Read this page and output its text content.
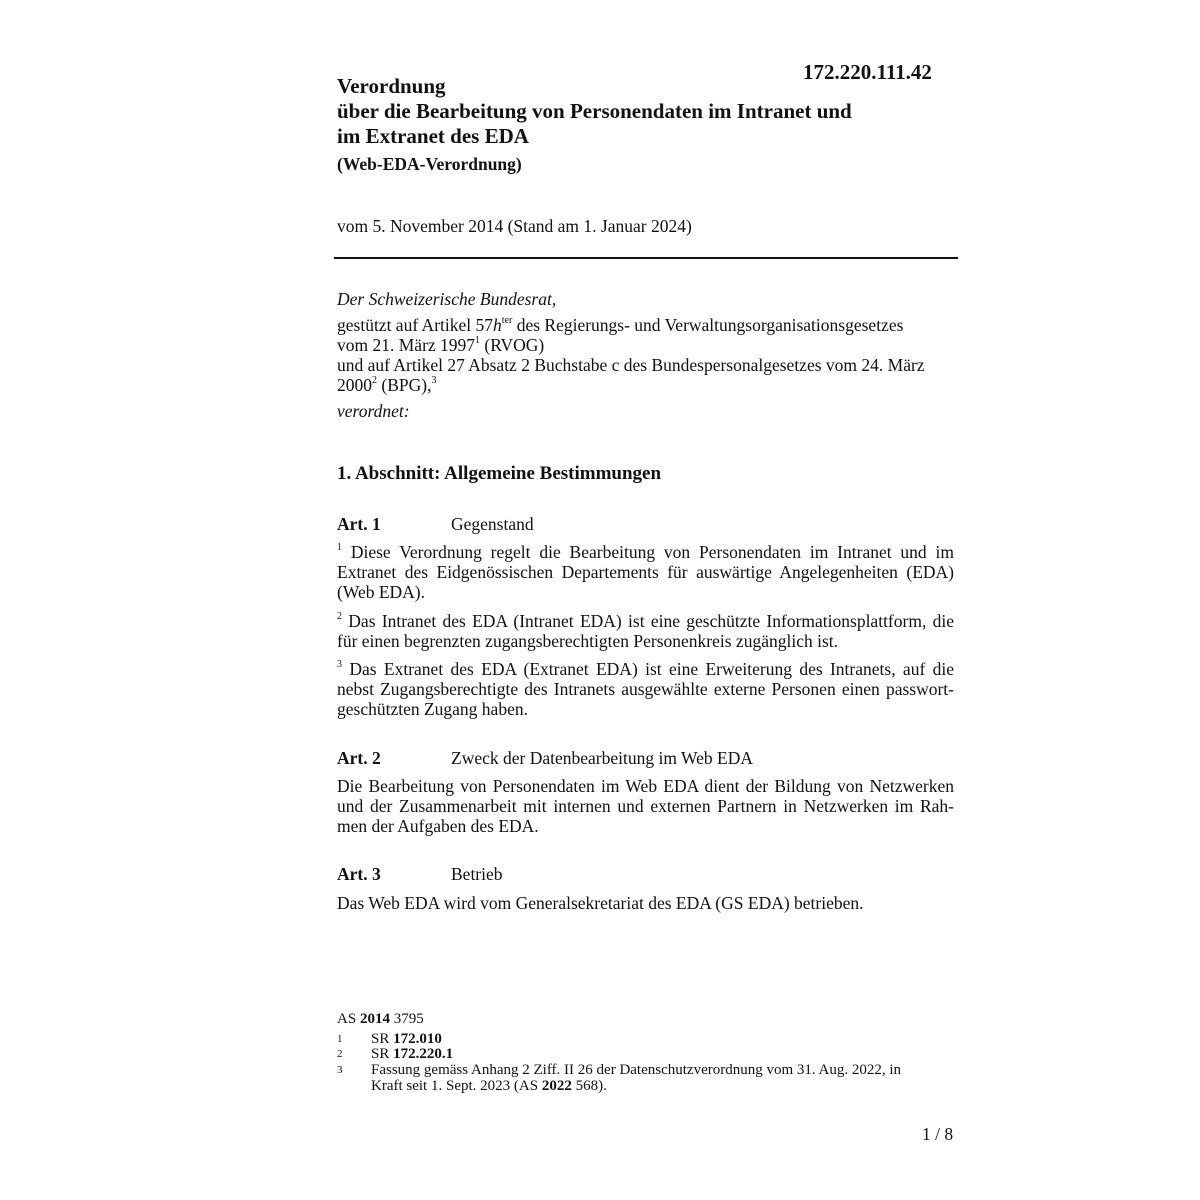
172.220.111.42
Verordnung
über die Bearbeitung von Personendaten im Intranet und
im Extranet des EDA
(Web-EDA-Verordnung)
vom 5. November 2014 (Stand am 1. Januar 2024)
Der Schweizerische Bundesrat,
gestützt auf Artikel $57h^{ter}$ des Regierungs- und Verwaltungsorganisationsgesetzes
vom 21. März 1997$^1$ (RVOG)
und auf Artikel 27 Absatz 2 Buchstabe c des Bundespersonalgesetzes vom 24. März
2000$^2$ (BPG),$^3$
verordnet:
1. Abschnitt: Allgemeine Bestimmungen
Art. 1	Gegenstand
$^1$ Diese Verordnung regelt die Bearbeitung von Personendaten im Intranet und im
Extranet des Eidgenössischen Departements für auswärtige Angelegenheiten (EDA)
(Web EDA).
$^2$ Das Intranet des EDA (Intranet EDA) ist eine geschützte Informationsplattform, die
für einen begrenzten zugangsberechtigten Personenkreis zugänglich ist.
$^3$ Das Extranet des EDA (Extranet EDA) ist eine Erweiterung des Intranets, auf die
nebst Zugangsberechtigte des Intranets ausgewählte externe Personen einen passwort-
geschützten Zugang haben.
Art. 2	Zweck der Datenbearbeitung im Web EDA
Die Bearbeitung von Personendaten im Web EDA dient der Bildung von Netzwerken
und der Zusammenarbeit mit internen und externen Partnern in Netzwerken im Rah-
men der Aufgaben des EDA.
Art. 3	Betrieb
Das Web EDA wird vom Generalsekretariat des EDA (GS EDA) betrieben.
AS 2014 3795
1 SR 172.010
2 SR 172.220.1
3 Fassung gemäss Anhang 2 Ziff. II 26 der Datenschutzverordnung vom 31. Aug. 2022, in
Kraft seit 1. Sept. 2023 (AS 2022 568).
1 / 8
